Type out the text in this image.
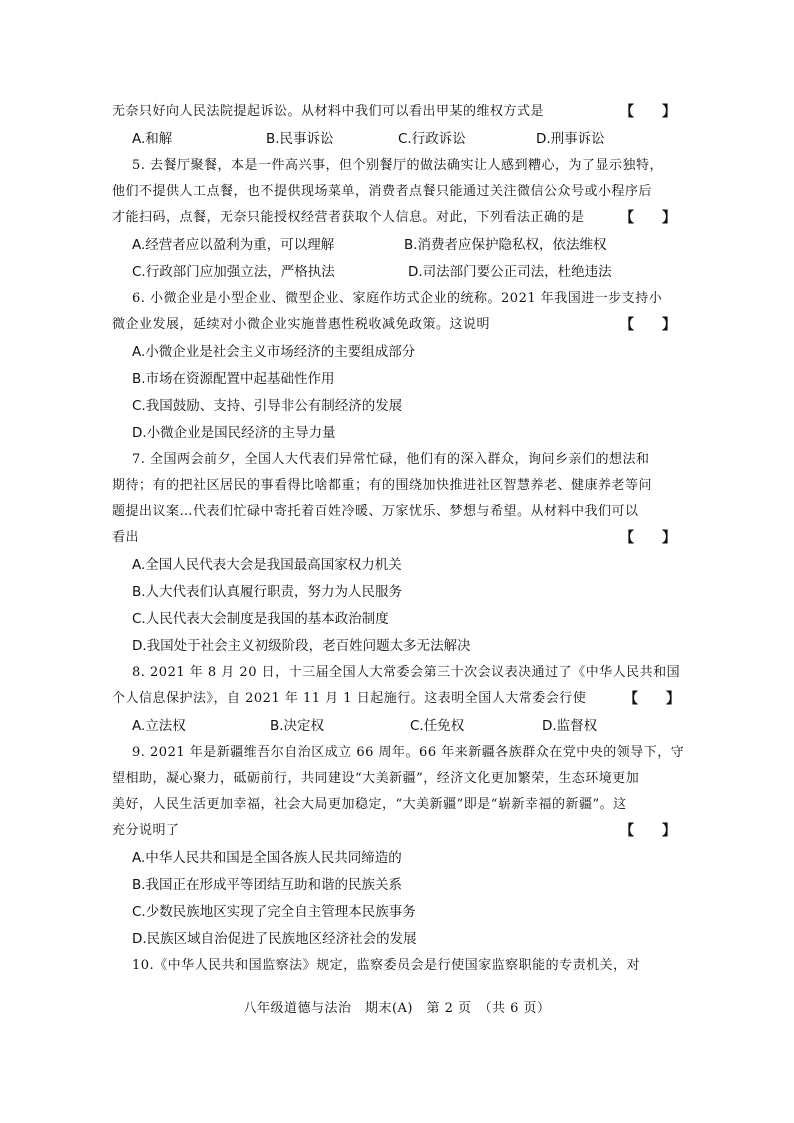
无奈只好向人民法院提起诉讼。从材料中我们可以看出甲某的维权方式是	【　　】
A.和解	B.民事诉讼	C.行政诉讼	D.刑事诉讼
5. 去餐厅聚餐，本是一件高兴事，但个别餐厅的做法确实让人感到糟心，为了显示独特，
他们不提供人工点餐，也不提供现场菜单，消费者点餐只能通过关注微信公众号或小程序后
才能扫码，点餐，无奈只能授权经营者获取个人信息。对此，下列看法正确的是	【　　】
A.经营者应以盈利为重，可以理解	B.消费者应保护隐私权，依法维权
C.行政部门应加强立法，严格执法	D.司法部门要公正司法，杜绝违法
6. 小微企业是小型企业、微型企业、家庭作坊式企业的统称。2021 年我国进一步支持小
微企业发展，延续对小微企业实施普惠性税收减免政策。这说明	【　　】
A.小微企业是社会主义市场经济的主要组成部分
B.市场在资源配置中起基础性作用
C.我国鼓励、支持、引导非公有制经济的发展
D.小微企业是国民经济的主导力量
7. 全国两会前夕，全国人大代表们异常忙碌，他们有的深入群众，询问乡亲们的想法和
期待；有的把社区居民的事看得比啥都重；有的围绕加快推进社区智慧养老、健康养老等问
题提出议案…代表们忙碌中寄托着百姓冷暖、万家忧乐、梦想与希望。从材料中我们可以
看出	【　　】
A.全国人民代表大会是我国最高国家权力机关
B.人大代表们认真履行职责，努力为人民服务
C.人民代表大会制度是我国的基本政治制度
D.我国处于社会主义初级阶段，老百姓问题太多无法解决
8. 2021 年 8 月 20 日，十三届全国人大常委会第三十次会议表决通过了《中华人民共和国
个人信息保护法》，自 2021 年 11 月 1 日起施行。这表明全国人大常委会行使	【　　】
A.立法权	B.决定权	C.任免权	D.监督权
9. 2021 年是新疆维吾尔自治区成立 66 周年。66 年来新疆各族群众在党中央的领导下，守
望相助，凝心聚力，砥砺前行，共同建设“大美新疆”，经济文化更加繁荣，生态环境更加
美好，人民生活更加幸福，社会大局更加稳定，“大美新疆”即是“崭新幸福的新疆”。这
充分说明了	【　　】
A.中华人民共和国是全国各族人民共同缔造的
B.我国正在形成平等团结互助和谐的民族关系
C.少数民族地区实现了完全自主管理本民族事务
D.民族区域自治促进了民族地区经济社会的发展
10.《中华人民共和国监察法》规定，监察委员会是行使国家监察职能的专责机关，对
八年级道德与法治　期末(A)　第 2 页　（共 6 页）
